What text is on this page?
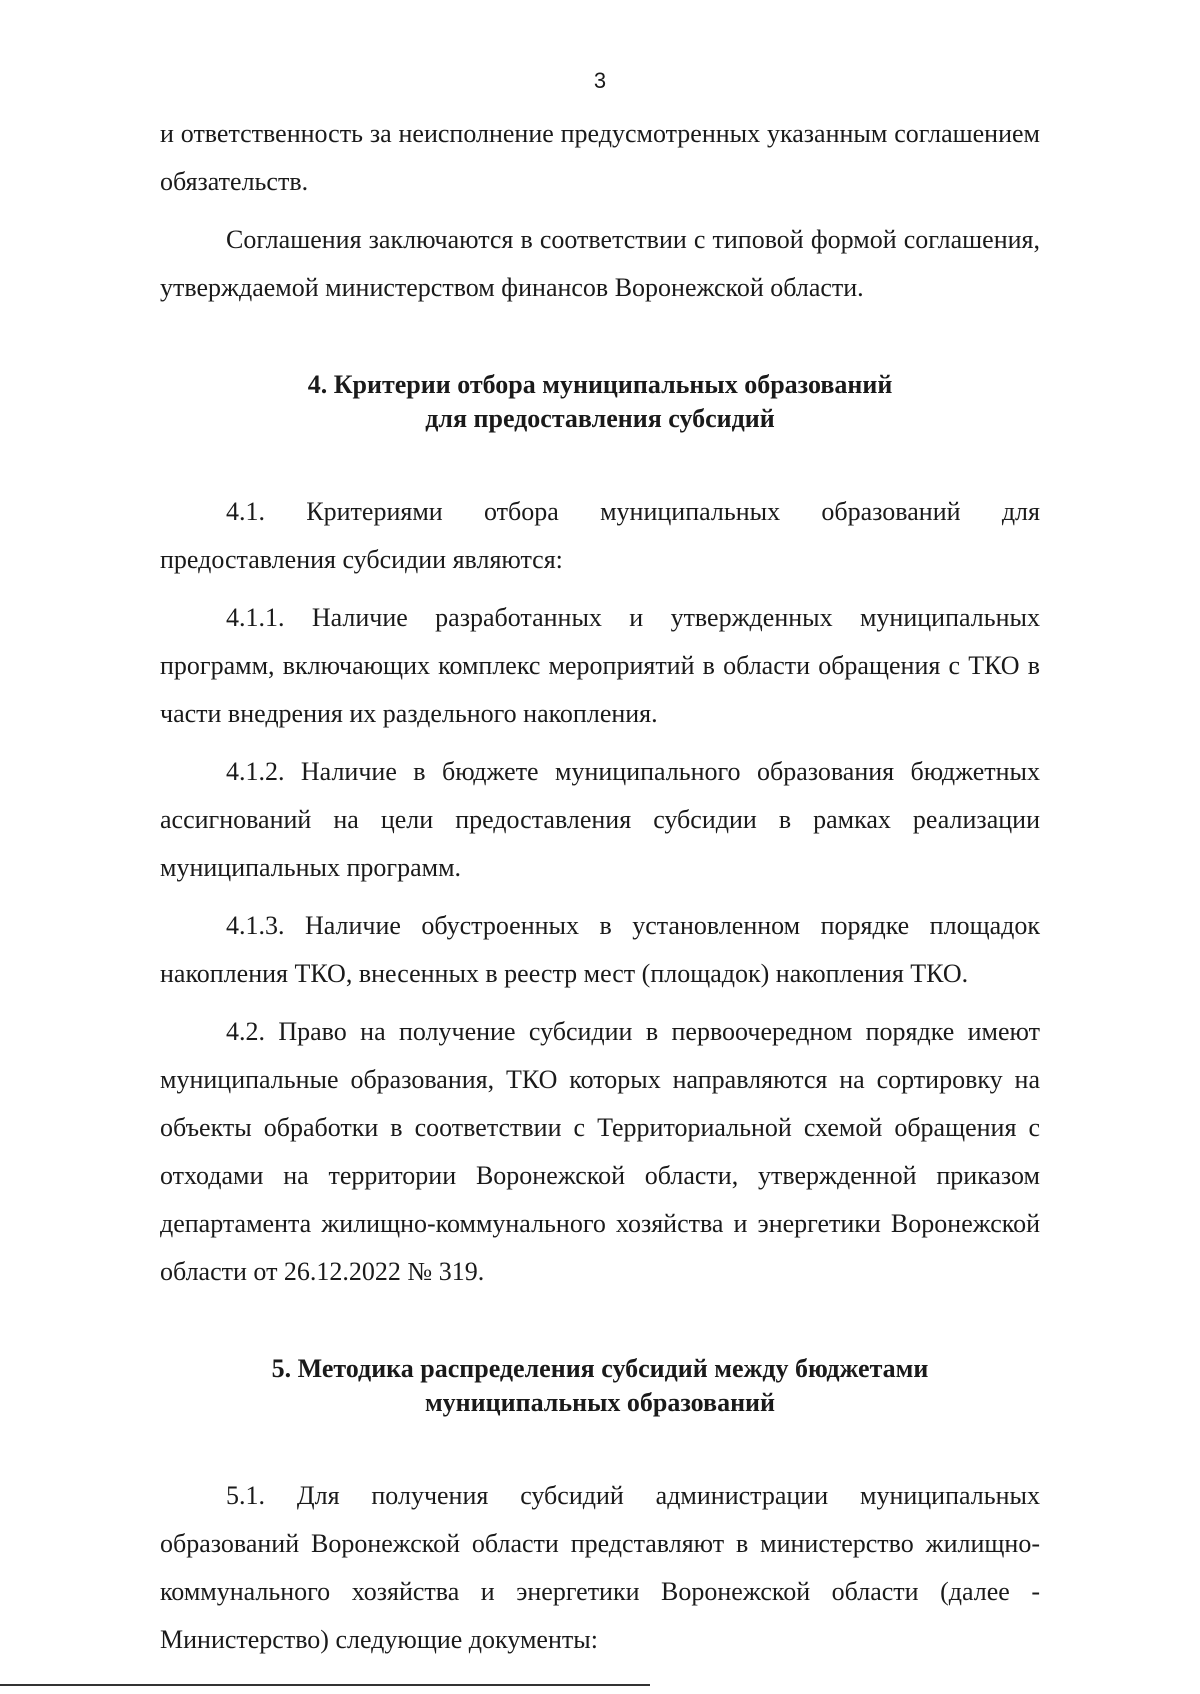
3

и ответственность за неисполнение предусмотренных указанным соглашением обязательств.

Соглашения заключаются в соответствии с типовой формой соглашения, утверждаемой министерством финансов Воронежской области.

4. Критерии отбора муниципальных образований

для предоставления субсидий

4.1. Критериями отбора муниципальных образований для предоставления субсидии являются:

4.1.1. Наличие разработанных и утвержденных муниципальных программ, включающих комплекс мероприятий в области обращения с ТКО в части внедрения их раздельного накопления.

4.1.2. Наличие в бюджете муниципального образования бюджетных ассигнований на цели предоставления субсидии в рамках реализации муниципальных программ.

4.1.3. Наличие обустроенных в установленном порядке площадок накопления ТКО, внесенных в реестр мест (площадок) накопления ТКО.

4.2. Право на получение субсидии в первоочередном порядке имеют муниципальные образования, ТКО которых направляются на сортировку на объекты обработки в соответствии с Территориальной схемой обращения с отходами на территории Воронежской области, утвержденной приказом департамента жилищно-коммунального хозяйства и энергетики Воронежской области от 26.12.2022 № 319.

5. Методика распределения субсидий между бюджетами

муниципальных образований

5.1. Для получения субсидий администрации муниципальных образований Воронежской области представляют в министерство жилищно-коммунального хозяйства и энергетики Воронежской области (далее - Министерство) следующие документы:
